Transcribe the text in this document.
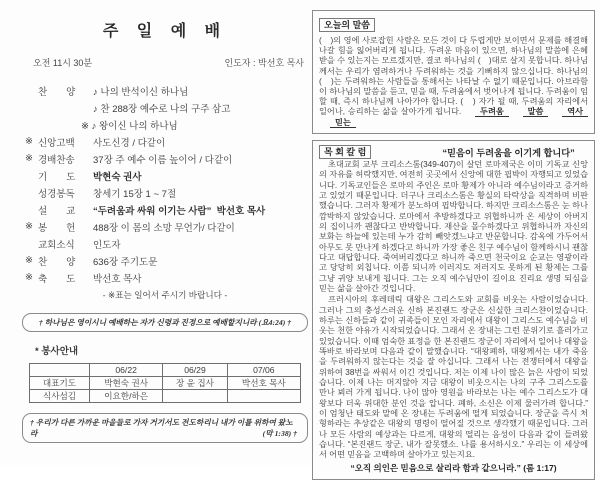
주 일 예 배
오전 11시 30분	인도자 : 박선호 목사
찬　　양	♪ 나의 반석이신 하나님
♪ 찬 288장 예수로 나의 구주 삼고
※ ♪ 왕이신 나의 하나님
※ 신앙고백	사도신경 / 다같이
※ 경배찬송	37장 주 예수 이름 높이어 / 다같이
기　　도	박현숙 권사
성경봉독	창세기 15장 1 ~ 7절
설　　교	“두려움과 싸워 이기는 사람”  박선호 목사
※ 봉　　헌	488장 이 몸의 소망 무언가/ 다같이
교회소식	인도자
※ 찬　　양	636장 주기도문
※ 축　　도	박선호 목사
- ※표는 일어서 주시기 바랍니다 -
† 하나님은 영이시니 예배하는 자가 신령과 진정으로 예배할지니라 (요4:24) †
* 봉사안내
	06/22	06/29	07/06
대표기도	박현숙 권사	장 윤 집사	박선호 목사
식사섬김	이요한/하은		
† 우리가 다른 가까운 마을들로 가자 거기서도 전도하리니 내가 이를 위하여 왔노라	(막 1:38) †
오늘의 말씀

(　)의 영에 사로잡힌 사람은 모든 것이 다 두렵게만 보이면서 문제를 해결해 나갈 힘을 잃어버리게 됩니다. 두려운 마음이 있으면, 하나님의 말씀에 은혜받을 수 있는지는 모르겠지만, 결코 하나님의 (　)대로 살지 못합니다. 하나님께서는 우리가 염려하거나 두려워하는 것을 기뻐하지 않으십니다. 하나님의 (　)는 두려워하는 사람들을 통해서는 나타날 수 없기 때문입니다. 아브라함이 하나님의 말씀을 듣고, 믿을 때, 두려움에서 벗어나게 됩니다. 두려움이 임할 때, 즉시 하나님께 나아가야 합니다. (　) 자가 될 때, 두려움의 자리에서 일어나, 승리하는 삶을 살아가게 됩니다. 두려움	말씀	역사 믿는

목 회 칼 럼	“믿음이 두려움을 이기게 합니다”

초대교회 교부 크리소스톰(349-407)이 살던 로마제국은 이미 기독교 신앙의 자유를 허락했지만, 여전히 곳곳에서 신앙에 대한 핍박이 자행되고 있었습니다. 기독교인들은 로마의 주인은 로마 황제가 아니라 예수님이라고 증거하고 있었기 때문입니다. 더구나 크리소스톰은 황실의 타락상을 직격하며 비판했습니다. 그러자 황제가 분노하며 핍박합니다. 하지만 크리소스톰은 눈 하나 깜박하지 않았습니다. 로마에서 추방하겠다고 위협하니까 온 세상이 아버지의 집이니까 괜찮다고 반박합니다. 재산을 몰수하겠다고 위협하니까 자신의 보화는 하늘에 있는데 누가 감히 빼앗겠느냐고 반문합니다. 감옥에 가두어서 아무도 못 만나게 하겠다고 하니까 가장 좋은 친구 예수님이 함께하시니 괜찮다고 대답합니다. 죽여버리겠다고 하니까 죽으면 천국이요 순교는 영광이라고 당당히 외칩니다. 이쯤 되니까 이러지도 저러지도 못하게 된 황제는 그를 그냥 귀양 보내게 됩니다. 그는 오직 예수님만이 길이요 진리요 생명 되심을 믿는 삶을 살아간 것입니다.

프러시아의 후레데릭 대왕은 그리스도와 교회를 비웃는 사람이었습니다. 그러나 그의 충성스러운 신하 본진랜드 장군은 신실한 크리스챤이었습니다. 하루는 신하들과 같이 귀족들이 모인 자리에서 대왕이 그리스도 예수님을 비웃는 천한 야유가 시작되었습니다. 그래서 온 장내는 그런 분위기로 흘러가고 있었습니다. 이때 엄숙한 표정을 한 본진랜드 장군이 자리에서 일어나 대왕을 똑바로 바라보며 다음과 같이 말했습니다. “대왕폐하, 대왕께서는 내가 죽음을 두려워하지 않는다는 것을 잘 아십니다. 그래서 나는 전쟁터에서 대왕을 위하여 38번을 싸워서 이긴 것입니다. 저는 이제 나이 많은 늙은 사람이 되었습니다. 이제 나는 머지않아 지금 대왕이 비웃으시는 나의 구주 그리스도를 만나 뵈러 가게 됩니다. 나이 많아 영원을 바라보는 나는 예수 그리스도가 대왕보다 더욱 위대한 분인 것을 압니다. 폐하, 소신은 이제 물러가려 합니다.” 이 엄청난 태도와 말에 온 장내는 두려움에 떨게 되었습니다. 장군을 즉시 처형하라는 추상같은 대왕의 명령이 떨어질 것으로 생각했기 때문입니다. 그러나 모든 사람의 예상과는 다르게, 대왕의 떨리는 음성이 다음과 같이 들려왔습니다. “본진랜드 장군, 내가 잘못했소. 나를 용서하시오.” 우리는 이 세상에서 어떤 믿음을 고백하며 살아가고 있는지요.

“오직 의인은 믿음으로 살리라 함과 같으니라.” (롬 1:17)
